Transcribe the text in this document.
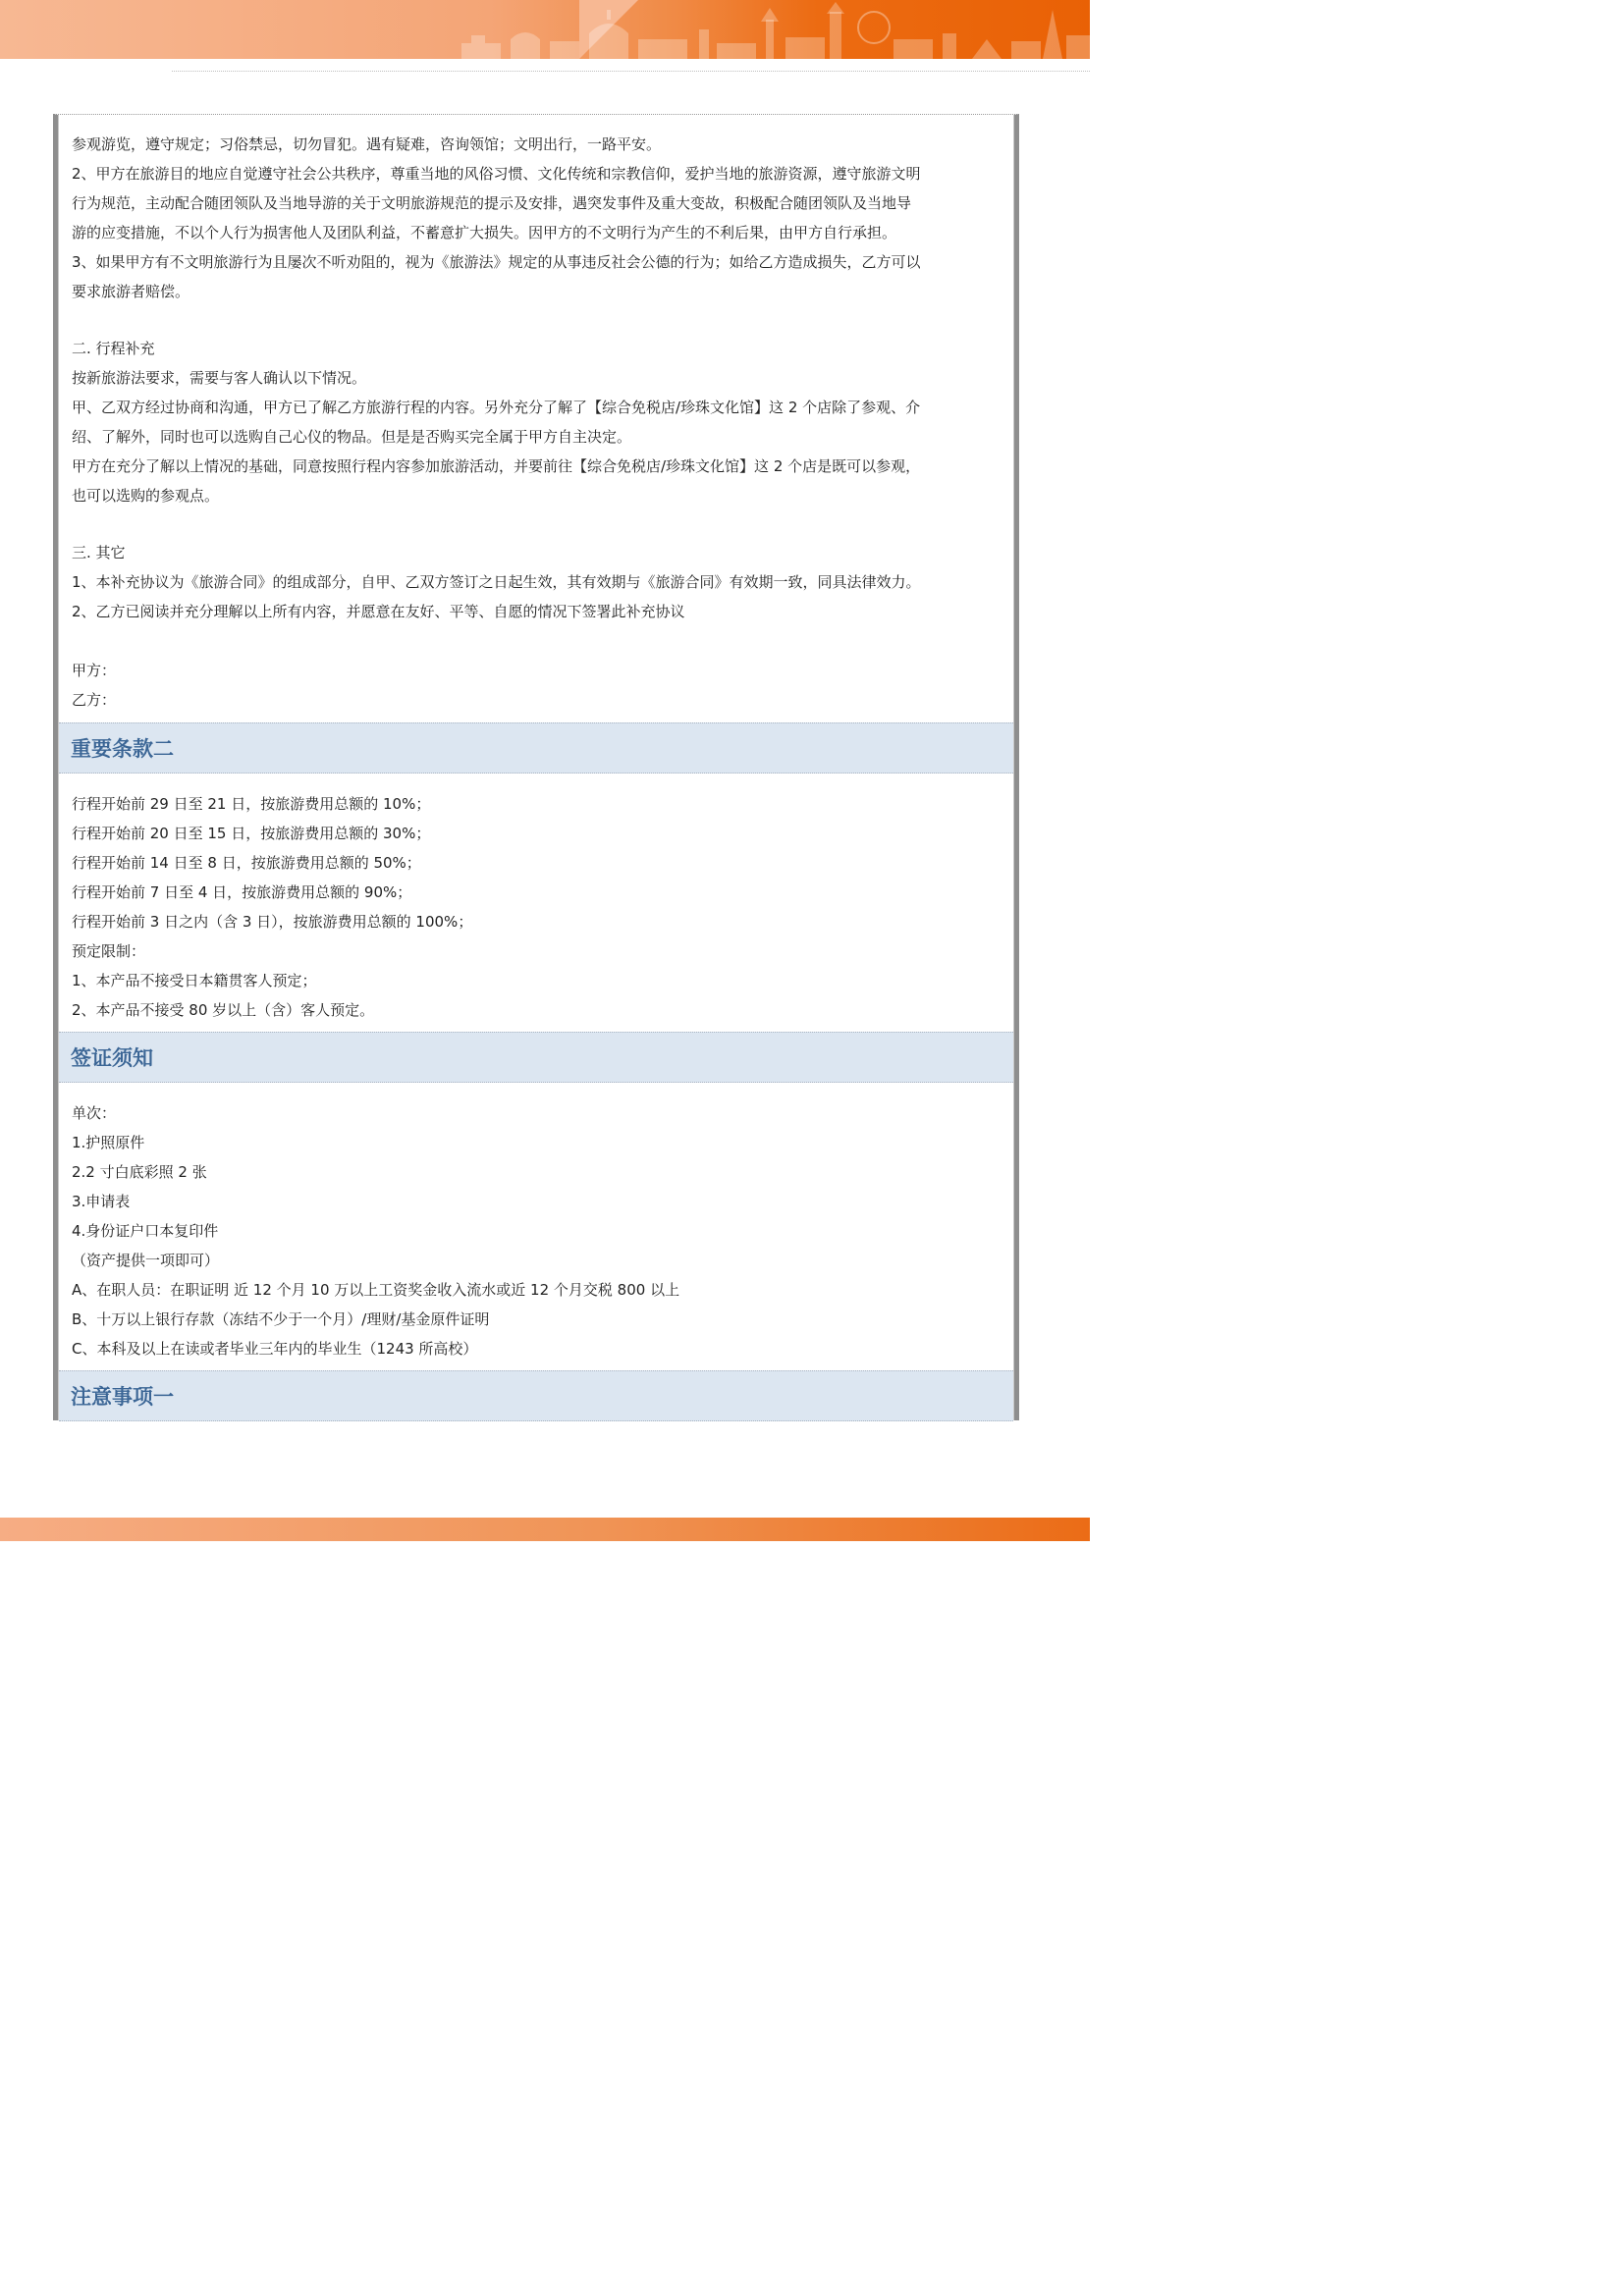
参观游览，遵守规定；习俗禁忌，切勿冒犯。遇有疑难，咨询领馆；文明出行，一路平安。
2、甲方在旅游目的地应自觉遵守社会公共秩序，尊重当地的风俗习惯、文化传统和宗教信仰，爱护当地的旅游资源，遵守旅游文明
行为规范，主动配合随团领队及当地导游的关于文明旅游规范的提示及安排，遇突发事件及重大变故，积极配合随团领队及当地导
游的应变措施，不以个人行为损害他人及团队利益，不蓄意扩大损失。因甲方的不文明行为产生的不利后果，由甲方自行承担。
3、如果甲方有不文明旅游行为且屡次不听劝阻的，视为《旅游法》规定的从事违反社会公德的行为；如给乙方造成损失，乙方可以
要求旅游者赔偿。
二. 行程补充
按新旅游法要求，需要与客人确认以下情况。
甲、乙双方经过协商和沟通，甲方已了解乙方旅游行程的内容。另外充分了解了【综合免税店/珍珠文化馆】这 2 个店除了参观、介
绍、了解外，同时也可以选购自己心仪的物品。但是是否购买完全属于甲方自主决定。
甲方在充分了解以上情况的基础，同意按照行程内容参加旅游活动，并要前往【综合免税店/珍珠文化馆】这 2 个店是既可以参观，
也可以选购的参观点。
三. 其它
1、本补充协议为《旅游合同》的组成部分，自甲、乙双方签订之日起生效，其有效期与《旅游合同》有效期一致，同具法律效力。
2、乙方已阅读并充分理解以上所有内容，并愿意在友好、平等、自愿的情况下签署此补充协议
甲方：
乙方：
重要条款二
行程开始前 29 日至 21 日，按旅游费用总额的 10%；
行程开始前 20 日至 15 日，按旅游费用总额的 30%；
行程开始前 14 日至 8 日，按旅游费用总额的 50%；
行程开始前 7 日至 4 日，按旅游费用总额的 90%；
行程开始前 3 日之内（含 3 日），按旅游费用总额的 100%；
预定限制：
1、本产品不接受日本籍贯客人预定；
2、本产品不接受 80 岁以上（含）客人预定。
签证须知
单次：
1.护照原件
2.2 寸白底彩照 2 张
3.申请表
4.身份证户口本复印件
（资产提供一项即可）
A、在职人员：在职证明 近 12 个月 10 万以上工资奖金收入流水或近 12 个月交税 800 以上
B、十万以上银行存款（冻结不少于一个月）/理财/基金原件证明
C、本科及以上在读或者毕业三年内的毕业生（1243 所高校）
注意事项一
